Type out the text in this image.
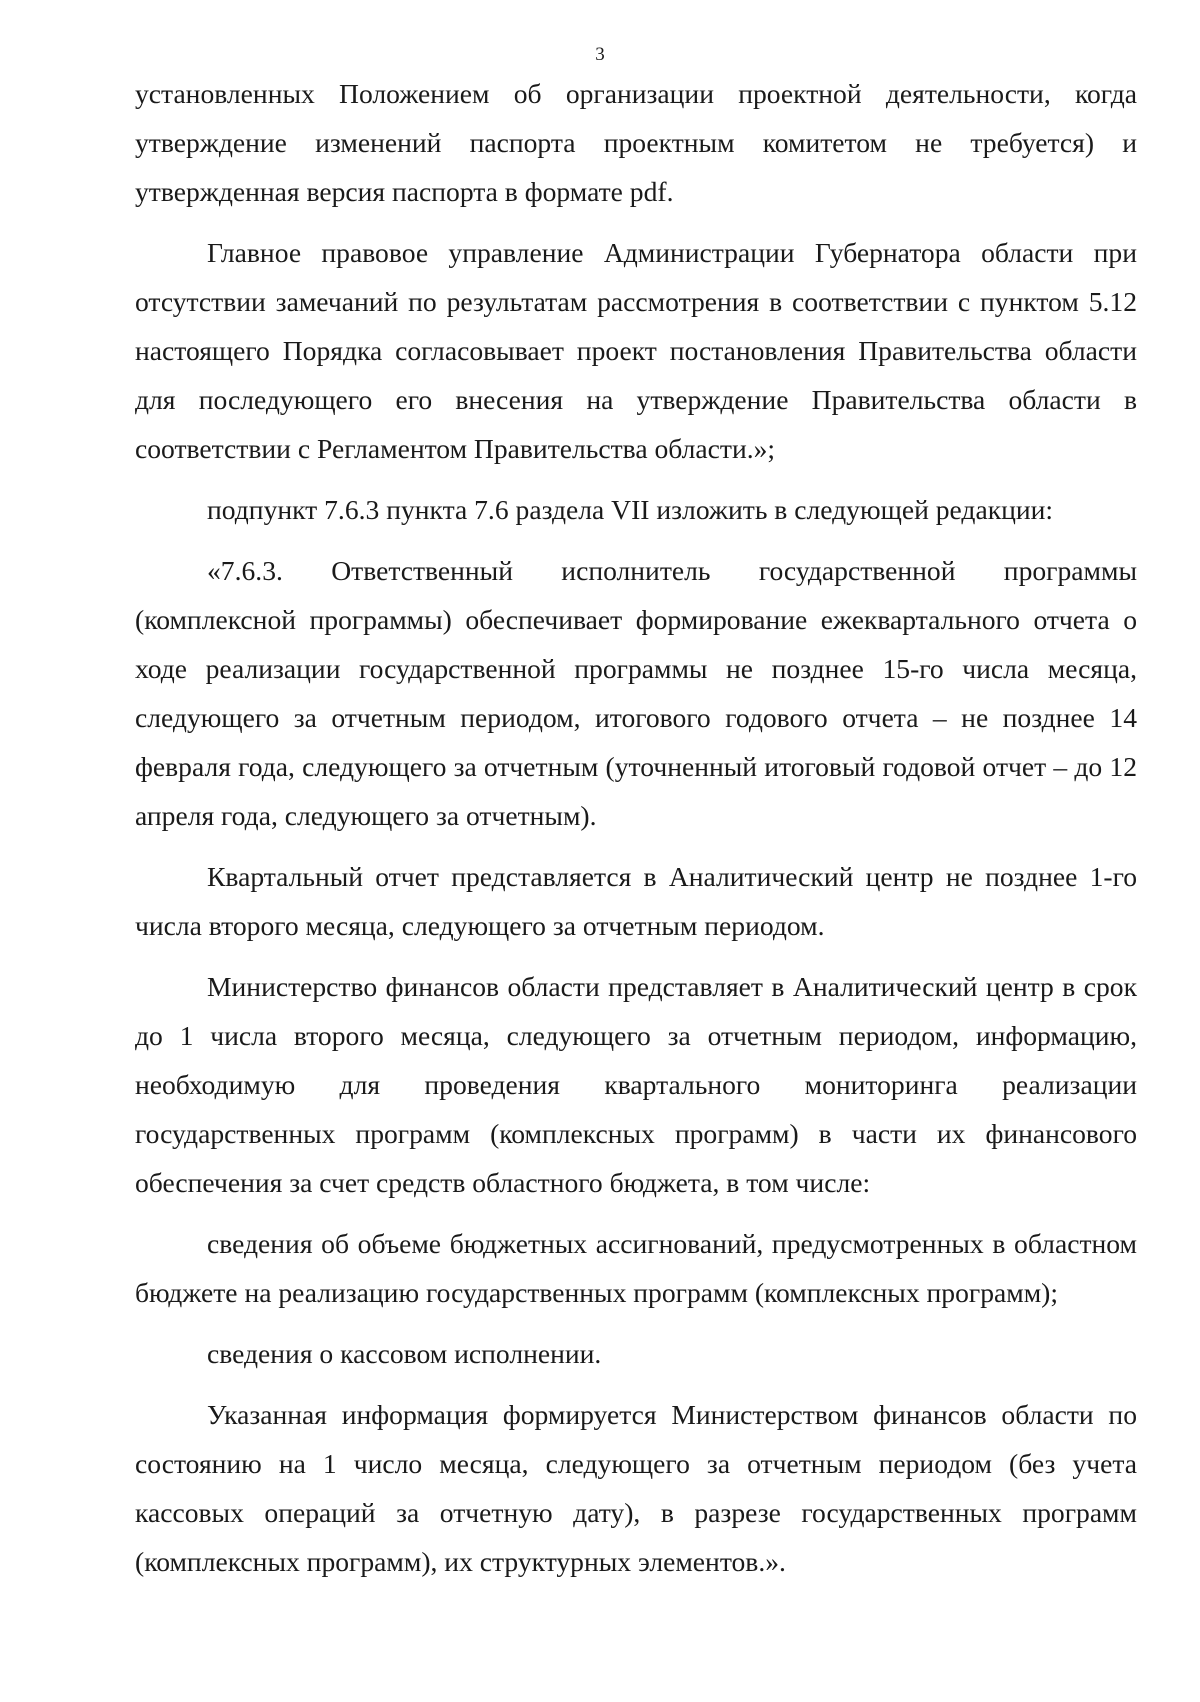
3

установленных Положением об организации проектной деятельности, когда утверждение изменений паспорта проектным комитетом не требуется) и утвержденная версия паспорта в формате pdf.

Главное правовое управление Администрации Губернатора области при отсутствии замечаний по результатам рассмотрения в соответствии с пунктом 5.12 настоящего Порядка согласовывает проект постановления Правительства области для последующего его внесения на утверждение Правительства области в соответствии с Регламентом Правительства области.»;

подпункт 7.6.3 пункта 7.6 раздела VII изложить в следующей редакции:

«7.6.3. Ответственный исполнитель государственной программы (комплексной программы) обеспечивает формирование ежеквартального отчета о ходе реализации государственной программы не позднее 15-го числа месяца, следующего за отчетным периодом, итогового годового отчета – не позднее 14 февраля года, следующего за отчетным (уточненный итоговый годовой отчет – до 12 апреля года, следующего за отчетным).

Квартальный отчет представляется в Аналитический центр не позднее 1-го числа второго месяца, следующего за отчетным периодом.

Министерство финансов области представляет в Аналитический центр в срок до 1 числа второго месяца, следующего за отчетным периодом, информацию, необходимую для проведения квартального мониторинга реализации государственных программ (комплексных программ) в части их финансового обеспечения за счет средств областного бюджета, в том числе:

сведения об объеме бюджетных ассигнований, предусмотренных в областном бюджете на реализацию государственных программ (комплексных программ);

сведения о кассовом исполнении.

Указанная информация формируется Министерством финансов области по состоянию на 1 число месяца, следующего за отчетным периодом (без учета кассовых операций за отчетную дату), в разрезе государственных программ (комплексных программ), их структурных элементов.».
